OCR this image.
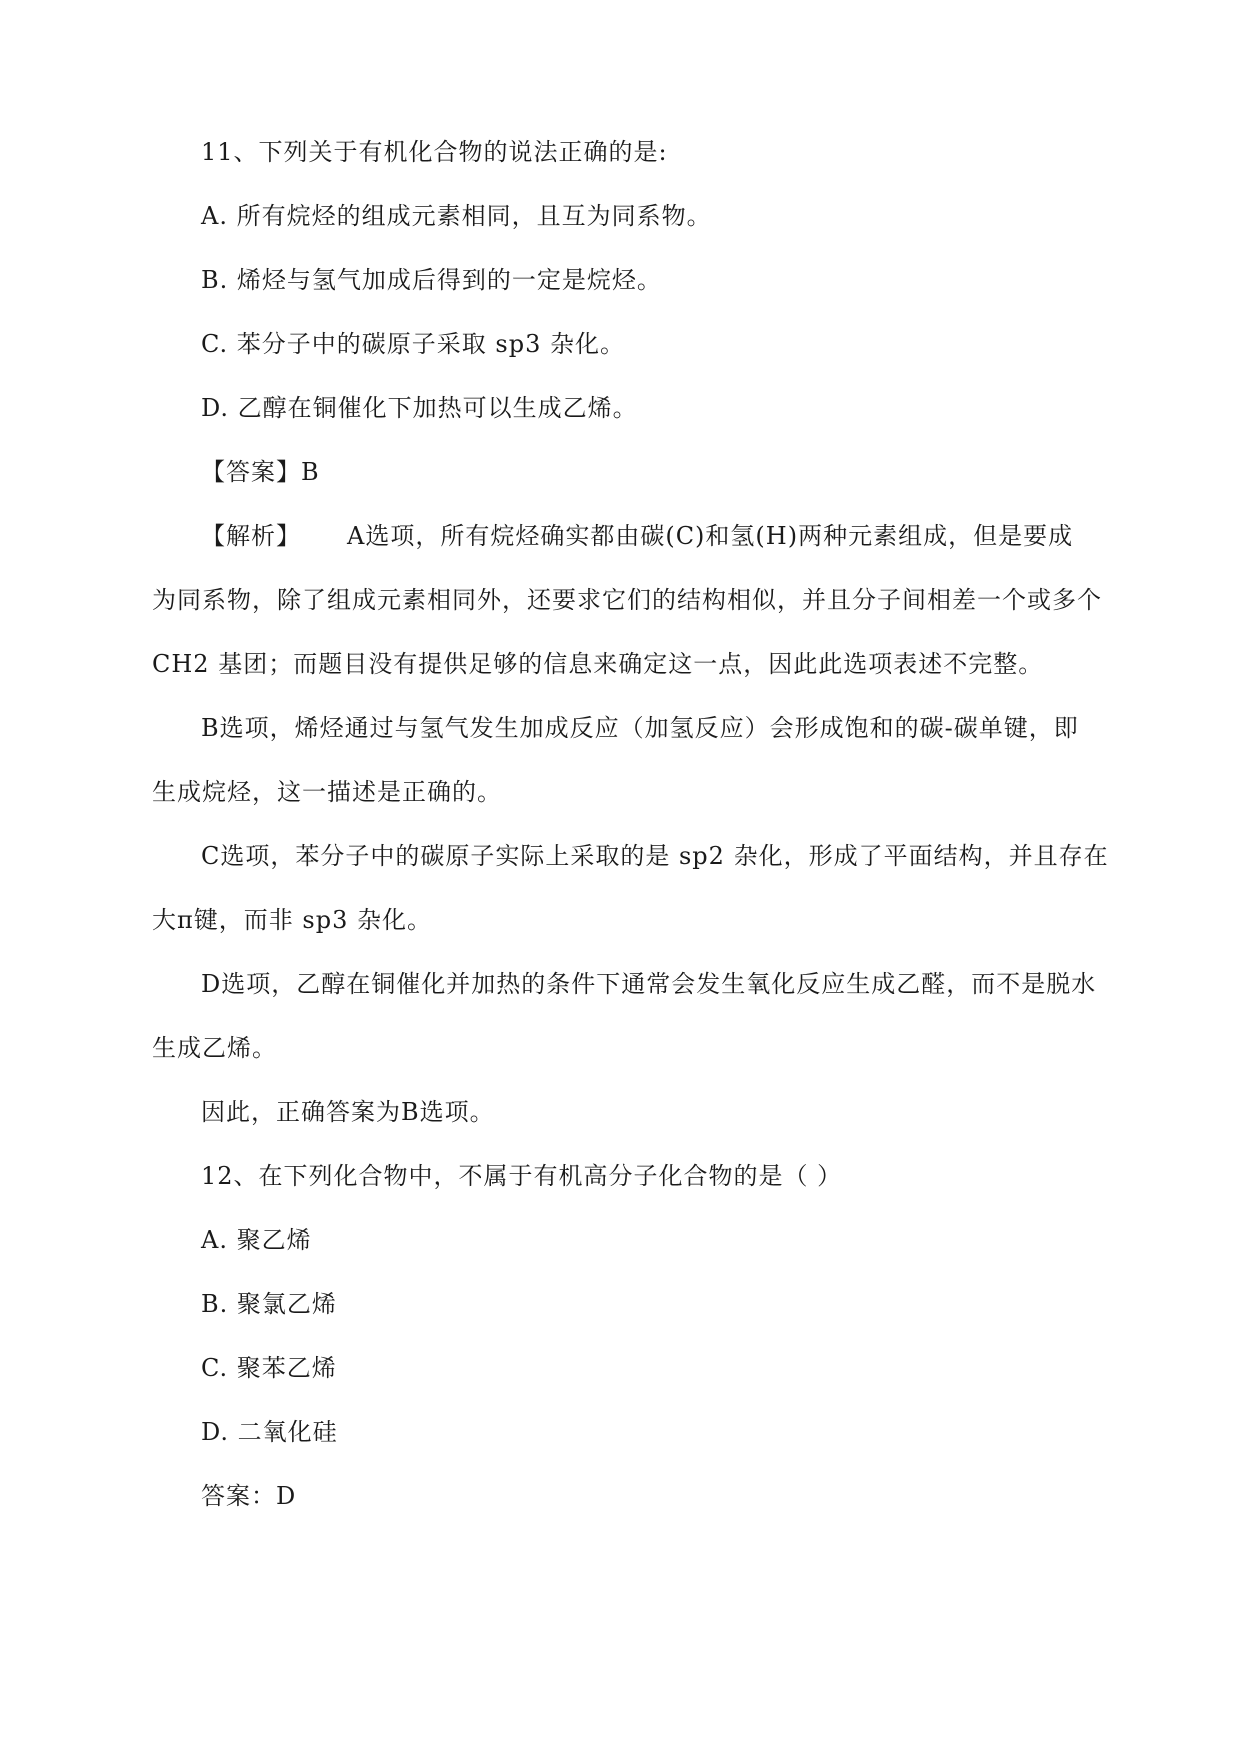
11、下列关于有机化合物的说法正确的是:
A. 所有烷烃的组成元素相同，且互为同系物。
B. 烯烃与氢气加成后得到的一定是烷烃。
C. 苯分子中的碳原子采取 sp3 杂化。
D. 乙醇在铜催化下加热可以生成乙烯。
【答案】B
【解析】 A选项，所有烷烃确实都由碳(C)和氢(H)两种元素组成，但是要成
为同系物，除了组成元素相同外，还要求它们的结构相似，并且分子间相差一个或多个
CH2 基团；而题目没有提供足够的信息来确定这一点，因此此选项表述不完整。
B选项，烯烃通过与氢气发生加成反应（加氢反应）会形成饱和的碳-碳单键，即
生成烷烃，这一描述是正确的。
C选项，苯分子中的碳原子实际上采取的是 sp2 杂化，形成了平面结构，并且存在
大π键，而非 sp3 杂化。
D选项，乙醇在铜催化并加热的条件下通常会发生氧化反应生成乙醛，而不是脱水
生成乙烯。
因此，正确答案为B选项。
12、在下列化合物中，不属于有机高分子化合物的是（ ）
A. 聚乙烯
B. 聚氯乙烯
C. 聚苯乙烯
D. 二氧化硅
答案：D
